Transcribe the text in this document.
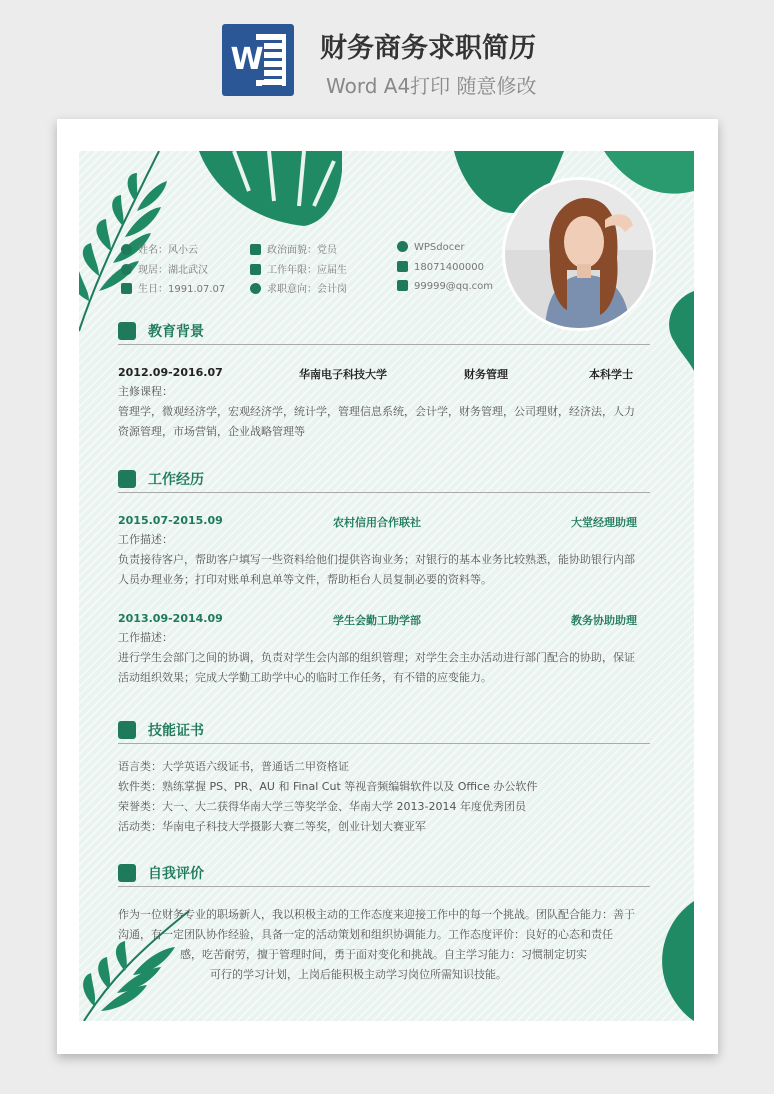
W 财务商务求职简历
Word A4打印 随意修改
姓名：风小云
现居：湖北武汉
生日：1991.07.07
政治面貌：党员
工作年限：应届生
求职意向：会计岗
WPSdocer
18071400000
99999@qq.com
教育背景
2012.09-2016.07	华南电子科技大学	财务管理	本科学士
主修课程：
管理学，微观经济学，宏观经济学，统计学，管理信息系统，会计学，财务管理，公司理财，经济法，人力
资源管理，市场营销，企业战略管理等
工作经历
2015.07-2015.09	农村信用合作联社	大堂经理助理
工作描述：
负责接待客户，帮助客户填写一些资料给他们提供咨询业务；对银行的基本业务比较熟悉，能协助银行内部
人员办理业务；打印对账单利息单等文件，帮助柜台人员复制必要的资料等。
2013.09-2014.09	学生会勤工助学部	教务协助助理
工作描述：
进行学生会部门之间的协调，负责对学生会内部的组织管理；对学生会主办活动进行部门配合的协助，保证
活动组织效果；完成大学勤工助学中心的临时工作任务，有不错的应变能力。
技能证书
语言类：大学英语六级证书，普通话二甲资格证
软件类：熟练掌握 PS、PR、AU 和 Final Cut 等视音频编辑软件以及 Office 办公软件
荣誉类：大一、大二获得华南大学三等奖学金、华南大学 2013-2014 年度优秀团员
活动类：华南电子科技大学摄影大赛二等奖，创业计划大赛亚军
自我评价
作为一位财务专业的职场新人，我以积极主动的工作态度来迎接工作中的每一个挑战。团队配合能力：善于
沟通，有一定团队协作经验，具备一定的活动策划和组织协调能力。工作态度评价：良好的心态和责任
感，吃苦耐劳，擅于管理时间，勇于面对变化和挑战。自主学习能力：习惯制定切实
可行的学习计划，上岗后能积极主动学习岗位所需知识技能。
